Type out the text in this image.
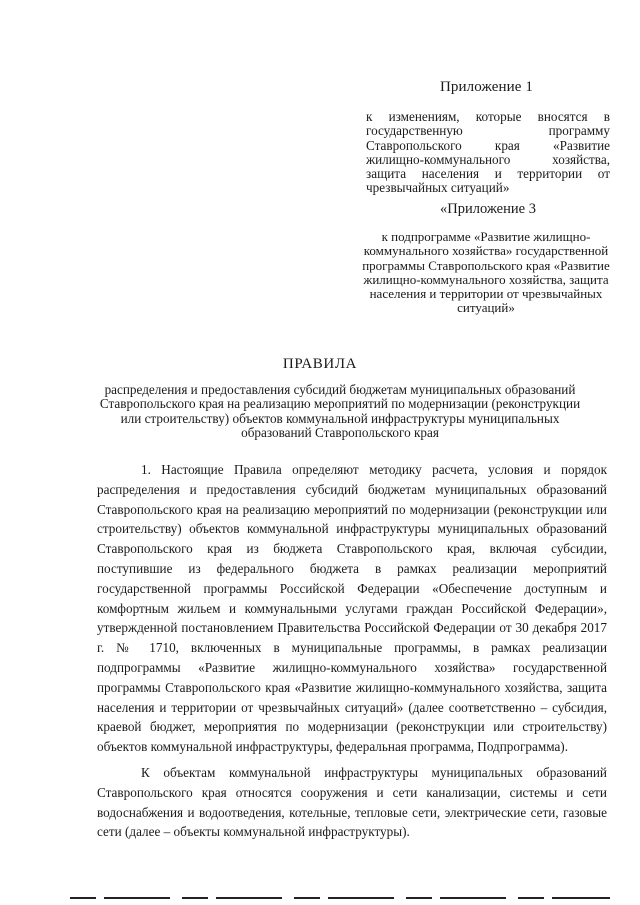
Приложение 1
к изменениям, которые вносятся в государственную программу Ставропольского края «Развитие жилищно-коммунального хозяйства, защита населения и территории от чрезвычайных ситуаций»
«Приложение 3
к подпрограмме «Развитие жилищно-коммунального хозяйства» государственной программы Ставропольского края «Развитие жилищно-коммунального хозяйства, защита населения и территории от чрезвычайных ситуаций»
ПРАВИЛА
распределения и предоставления субсидий бюджетам муниципальных образований Ставропольского края на реализацию мероприятий по модернизации (реконструкции или строительству) объектов коммунальной инфраструктуры муниципальных образований Ставропольского края
1. Настоящие Правила определяют методику расчета, условия и порядок распределения и предоставления субсидий бюджетам муниципальных образований Ставропольского края на реализацию мероприятий по модернизации (реконструкции или строительству) объектов коммунальной инфраструктуры муниципальных образований Ставропольского края из бюджета Ставропольского края, включая субсидии, поступившие из федерального бюджета в рамках реализации мероприятий государственной программы Российской Федерации «Обеспечение доступным и комфортным жильем и коммунальными услугами граждан Российской Федерации», утвержденной постановлением Правительства Российской Федерации от 30 декабря 2017 г. № 1710, включенных в муниципальные программы, в рамках реализации подпрограммы «Развитие жилищно-коммунального хозяйства» государственной программы Ставропольского края «Развитие жилищно-коммунального хозяйства, защита населения и территории от чрезвычайных ситуаций» (далее соответственно – субсидия, краевой бюджет, мероприятия по модернизации (реконструкции или строительству) объектов коммунальной инфраструктуры, федеральная программа, Подпрограмма).
К объектам коммунальной инфраструктуры муниципальных образований Ставропольского края относятся сооружения и сети канализации, системы и сети водоснабжения и водоотведения, котельные, тепловые сети, электрические сети, газовые сети (далее – объекты коммунальной инфраструктуры).
